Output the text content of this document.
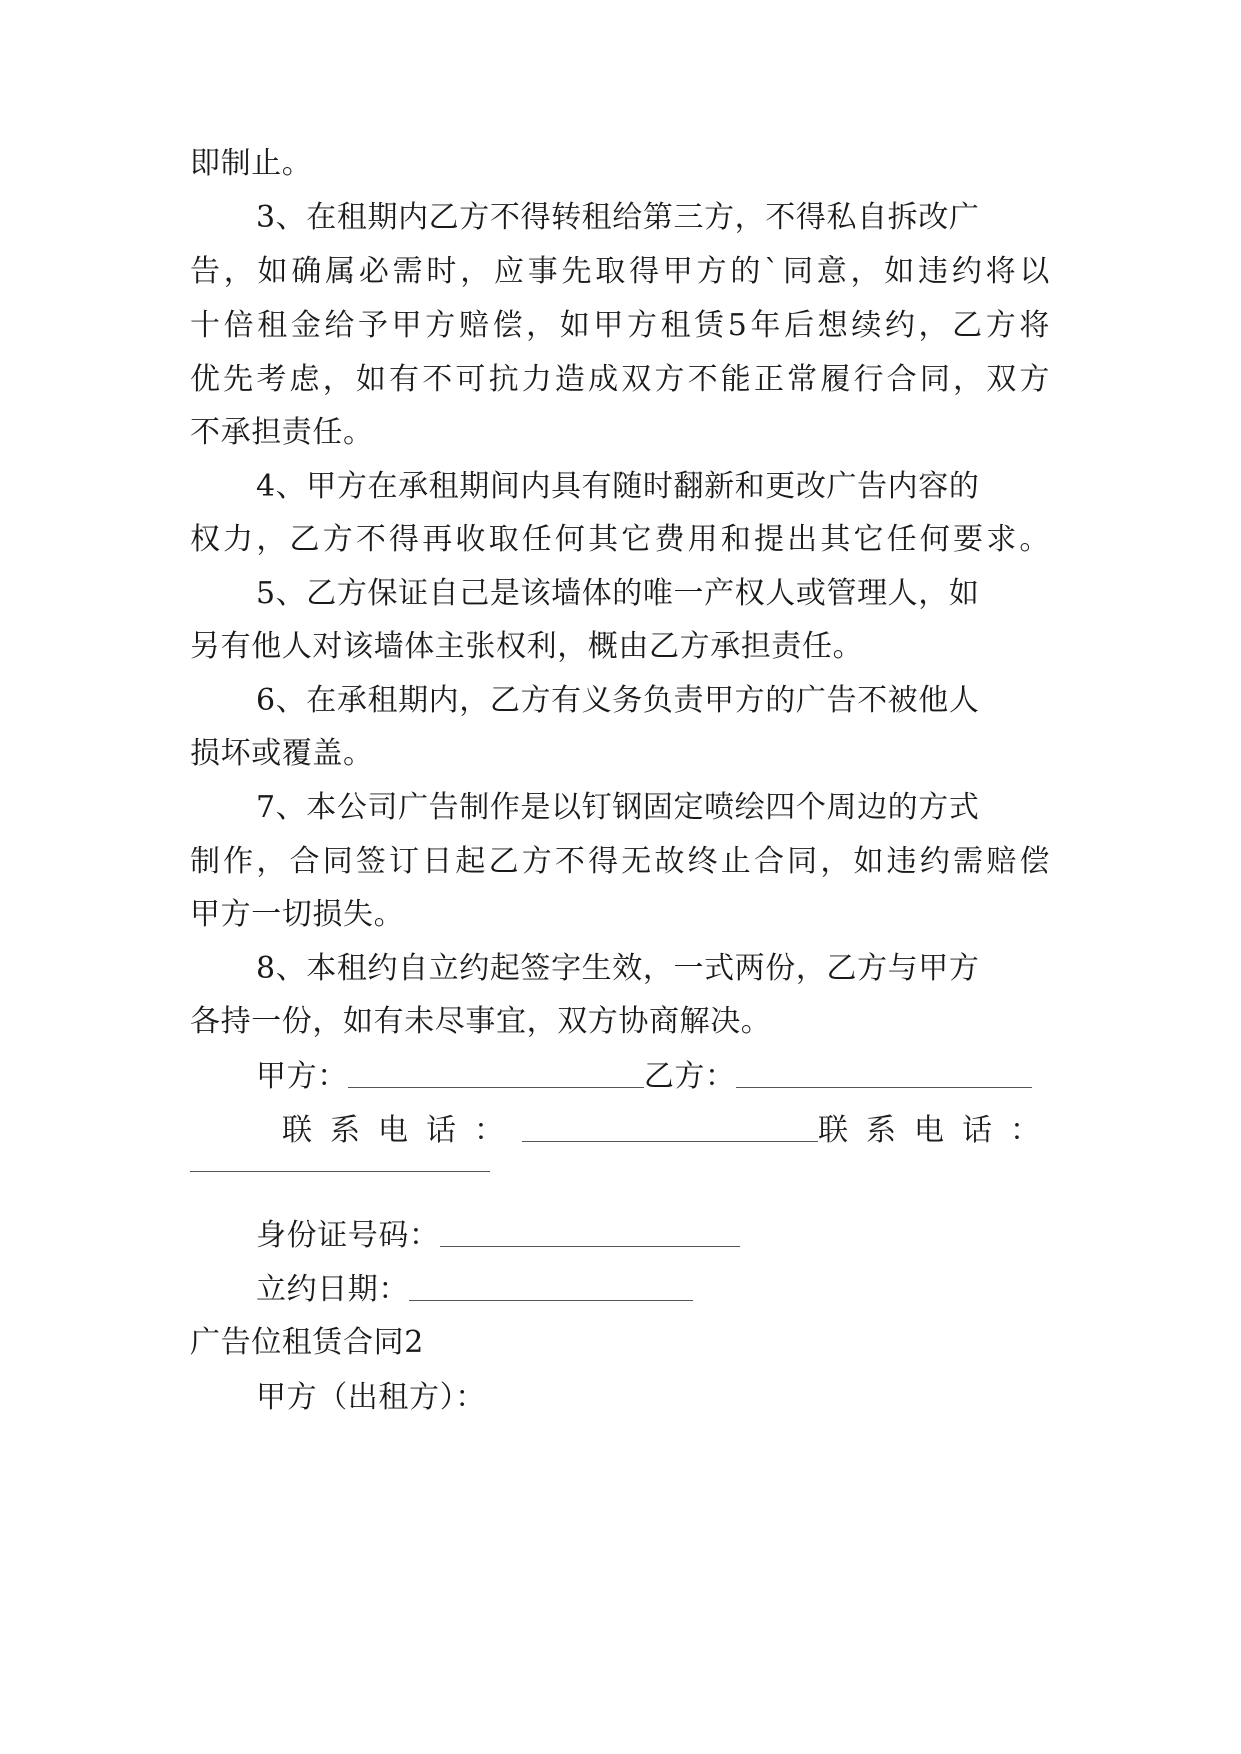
即制止。
3、在租期内乙方不得转租给第三方，不得私自拆改广
告，如确属必需时，应事先取得甲方的`同意，如违约将以
十倍租金给予甲方赔偿，如甲方租赁5年后想续约，乙方将
优先考虑，如有不可抗力造成双方不能正常履行合同，双方
不承担责任。
4、甲方在承租期间内具有随时翻新和更改广告内容的
权力，乙方不得再收取任何其它费用和提出其它任何要求。
5、乙方保证自己是该墙体的唯一产权人或管理人，如
另有他人对该墙体主张权利，概由乙方承担责任。
6、在承租期内，乙方有义务负责甲方的广告不被他人
损坏或覆盖。
7、本公司广告制作是以钉钢固定喷绘四个周边的方式
制作，合同签订日起乙方不得无故终止合同，如违约需赔偿
甲方一切损失。
8、本租约自立约起签字生效，一式两份，乙方与甲方
各持一份，如有未尽事宜，双方协商解决。
甲方：	乙方：
联系电话：	联系电话：
身份证号码：
立约日期：
广告位租赁合同2
甲方（出租方）：
